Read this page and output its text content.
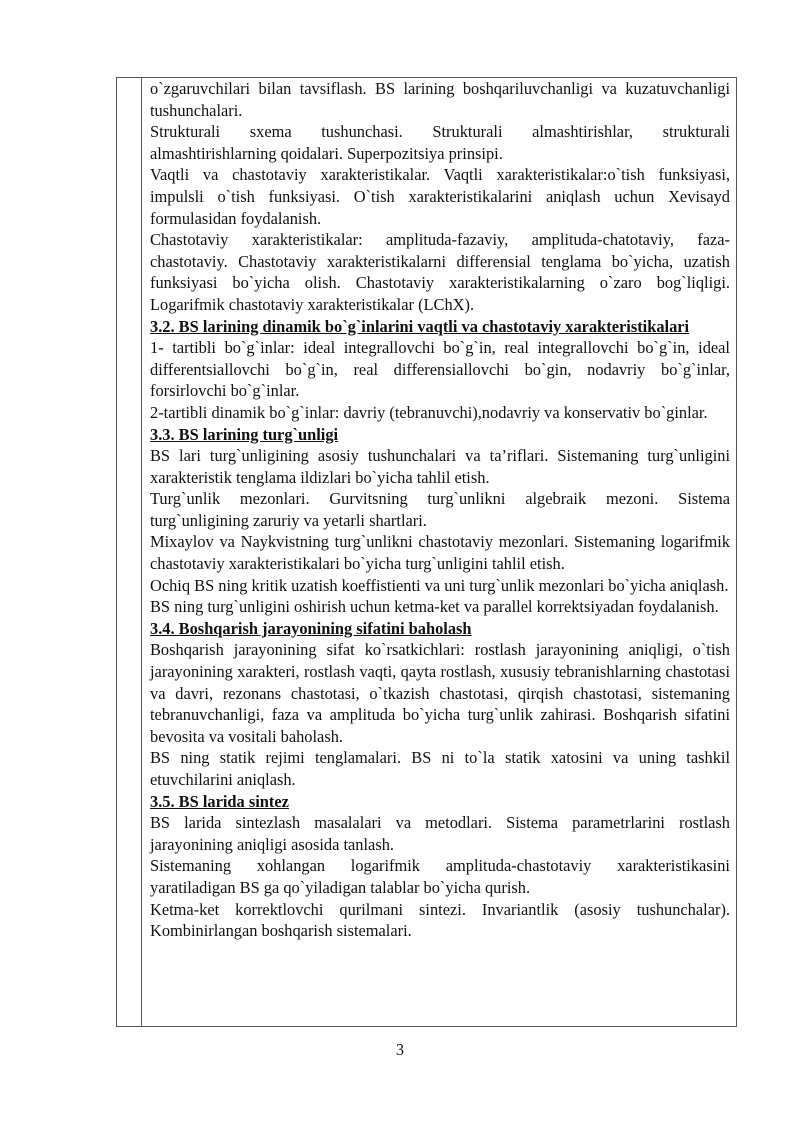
o`zgaruvchilari bilan tavsiflash. BS larining boshqariluvchanligi va kuzatuvchanligi tushunchalari.

Strukturali sxema tushunchasi. Strukturali almashtirishlar, strukturali almashtirishlarning qoidalari. Superpozitsiya prinsipi.

Vaqtli va chastotaviy xarakteristikalar. Vaqtli xarakteristikalar:o`tish funksiyasi, impulsli o`tish funksiyasi. O`tish xarakteristikalarini aniqlash uchun Xevisayd formulasidan foydalanish.

Chastotaviy xarakteristikalar: amplituda-fazaviy, amplituda-chatotaviy, faza-chastotaviy. Chastotaviy xarakteristikalarni differensial tenglama bo`yicha, uzatish funksiyasi bo`yicha olish. Chastotaviy xarakteristikalarning o`zaro bog`liqligi. Logarifmik chastotaviy xarakteristikalar (LChX).

3.2. BS larining dinamik bo`g`inlarini vaqtli va chastotaviy xarakteristikalari

1- tartibli bo`g`inlar: ideal integrallovchi bo`g`in, real integrallovchi bo`g`in, ideal differentsiallovchi bo`g`in, real differensiallovchi bo`gin, nodavriy bo`g`inlar, forsirlovchi bo`g`inlar.

2-tartibli dinamik bo`g`inlar: davriy (tebranuvchi),nodavriy va konservativ bo`ginlar.

3.3. BS larining turg`unligi

BS lari turg`unligining asosiy tushunchalari va ta’riflari. Sistemaning turg`unligini xarakteristik tenglama ildizlari bo`yicha tahlil etish.

Turg`unlik mezonlari. Gurvitsning turg`unlikni algebraik mezoni. Sistema turg`unligining zaruriy va yetarli shartlari.

Mixaylov va Naykvistning turg`unlikni chastotaviy mezonlari. Sistemaning logarifmik chastotaviy xarakteristikalari bo`yicha turg`unligini tahlil etish.

Ochiq BS ning kritik uzatish koeffistienti va uni turg`unlik mezonlari bo`yicha aniqlash.

BS ning turg`unligini oshirish uchun ketma-ket va parallel korrektsiyadan foydalanish.

3.4. Boshqarish jarayonining sifatini baholash

Boshqarish jarayonining sifat ko`rsatkichlari: rostlash jarayonining aniqligi, o`tish jarayonining xarakteri, rostlash vaqti, qayta rostlash, xususiy tebranishlarning chastotasi va davri, rezonans chastotasi, o`tkazish chastotasi, qirqish chastotasi, sistemaning tebranuvchanligi, faza va amplituda bo`yicha turg`unlik zahirasi. Boshqarish sifatini bevosita va vositali baholash.

BS ning statik rejimi tenglamalari. BS ni to`la statik xatosini va uning tashkil etuvchilarini aniqlash.

3.5. BS larida sintez

BS larida sintezlash masalalari va metodlari. Sistema parametrlarini rostlash jarayonining aniqligi asosida tanlash.

Sistemaning xohlangan logarifmik amplituda-chastotaviy xarakteristikasini yaratiladigan BS ga qo`yiladigan talablar bo`yicha qurish.

Ketma-ket korrektlovchi qurilmani sintezi. Invariantlik (asosiy tushunchalar). Kombinirlangan boshqarish sistemalari.

3
